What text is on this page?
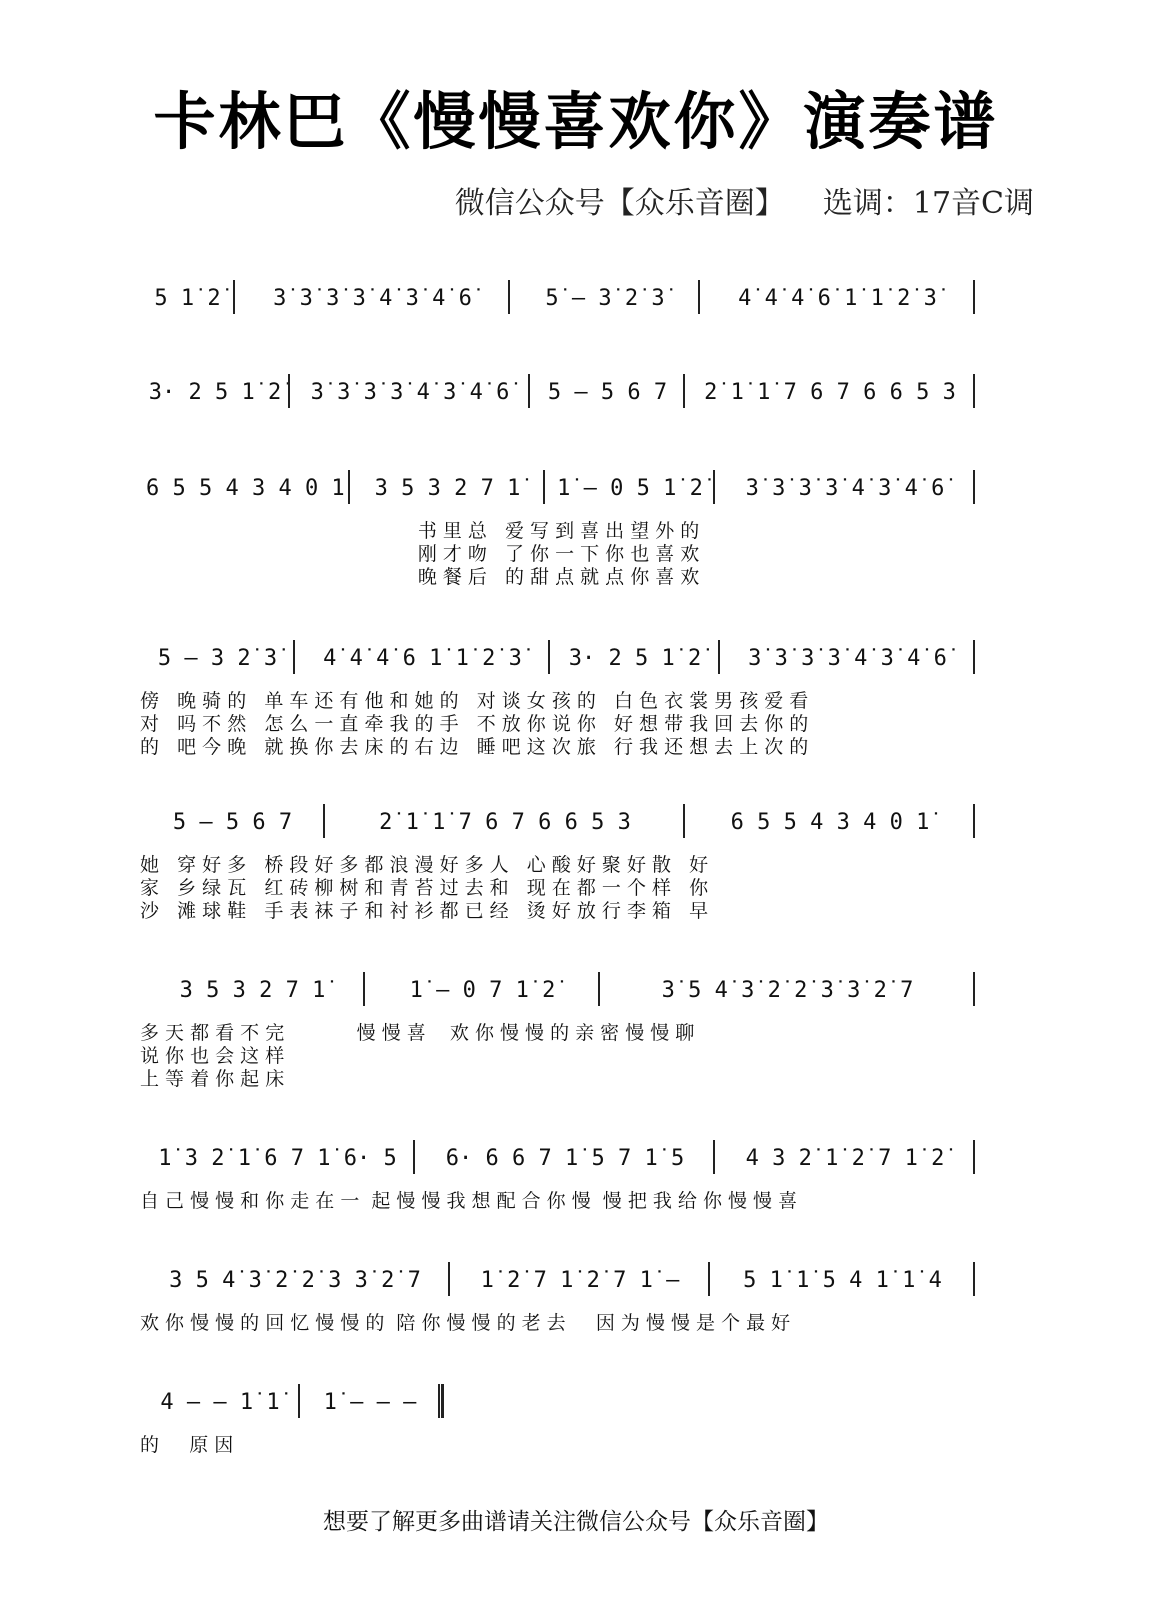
卡林巴《慢慢喜欢你》演奏谱
微信公众号【众乐音圈】    选调：17音C调
5 1̇ 2̇	3̇ 3̇ 3̇ 3̇ 4̇ 3̇ 4̇ 6̇	5̇ – 3̇ 2̇ 3̇	4̇ 4̇ 4̇ 6̇ 1̇ 1̇ 2̇ 3̇
3· 2 5 1̇ 2̇	3̇ 3̇ 3̇ 3̇ 4̇ 3̇ 4̇ 6̇	5 – 5 6 7	2̇ 1̇ 1̇ 7 6 7 6 6 5 3
6 5 5 4 3 4 0 1̇	3 5 3 2 7 1̇	1̇ – 0 5 1̇ 2̇	3̇ 3̇ 3̇ 3̇ 4̇ 3̇ 4̇ 6̇
书 里 总   爱 写 到 喜 出 望 外 的
刚 才 吻   了 你 一 下 你 也 喜 欢
晚 餐 后   的 甜 点 就 点 你 喜 欢
5 – 3 2̇ 3̇	4̇ 4̇ 4̇ 6 1̇ 1̇ 2̇ 3̇	3· 2 5 1̇ 2̇	3̇ 3̇ 3̇ 3̇ 4̇ 3̇ 4̇ 6̇
傍   晚 骑 的   单 车 还 有 他 和 她 的   对 谈 女 孩 的   白 色 衣 裳 男 孩 爱 看
对   吗 不 然   怎 么 一 直 牵 我 的 手   不 放 你 说 你   好 想 带 我 回 去 你 的
的   吧 今 晚   就 换 你 去 床 的 右 边   睡 吧 这 次 旅   行 我 还 想 去 上 次 的
5 – 5 6 7	2̇ 1̇ 1̇ 7 6 7 6 6 5 3	6 5 5 4 3 4 0 1̇
她   穿 好 多   桥 段 好 多 都 浪 漫 好 多 人   心 酸 好 聚 好 散   好
家   乡 绿 瓦   红 砖 柳 树 和 青 苔 过 去 和   现 在 都 一 个 样   你
沙   滩 球 鞋   手 表 袜 子 和 衬 衫 都 已 经   烫 好 放 行 李 箱   早
3 5 3 2 7 1̇	1̇ – 0 7 1̇ 2̇	3̇ 5 4̇ 3̇ 2̇ 2̇ 3̇ 3̇ 2̇ 7
多 天 都 看 不 完            慢 慢 喜    欢 你 慢 慢 的 亲 密 慢 慢 聊
说 你 也 会 这 样
上 等 着 你 起 床
1̇ 3 2̇ 1̇ 6 7 1̇ 6· 5	6· 6 6 7 1̇ 5 7 1̇ 5	4 3 2̇ 1̇ 2̇ 7 1̇ 2̇
自 己 慢 慢 和 你 走 在 一  起 慢 慢 我 想 配 合 你 慢  慢 把 我 给 你 慢 慢 喜
3 5 4̇ 3̇ 2̇ 2̇ 3 3̇ 2̇ 7	1̇ 2̇ 7 1̇ 2̇ 7 1̇ –	5 1̇ 1̇ 5 4 1̇ 1̇ 4
欢 你 慢 慢 的 回 忆 慢 慢 的  陪 你 慢 慢 的 老 去     因 为 慢 慢 是 个 最 好
4 – – 1̇ 1̇	1̇ – – –
的     原 因
想要了解更多曲谱请关注微信公众号【众乐音圈】
